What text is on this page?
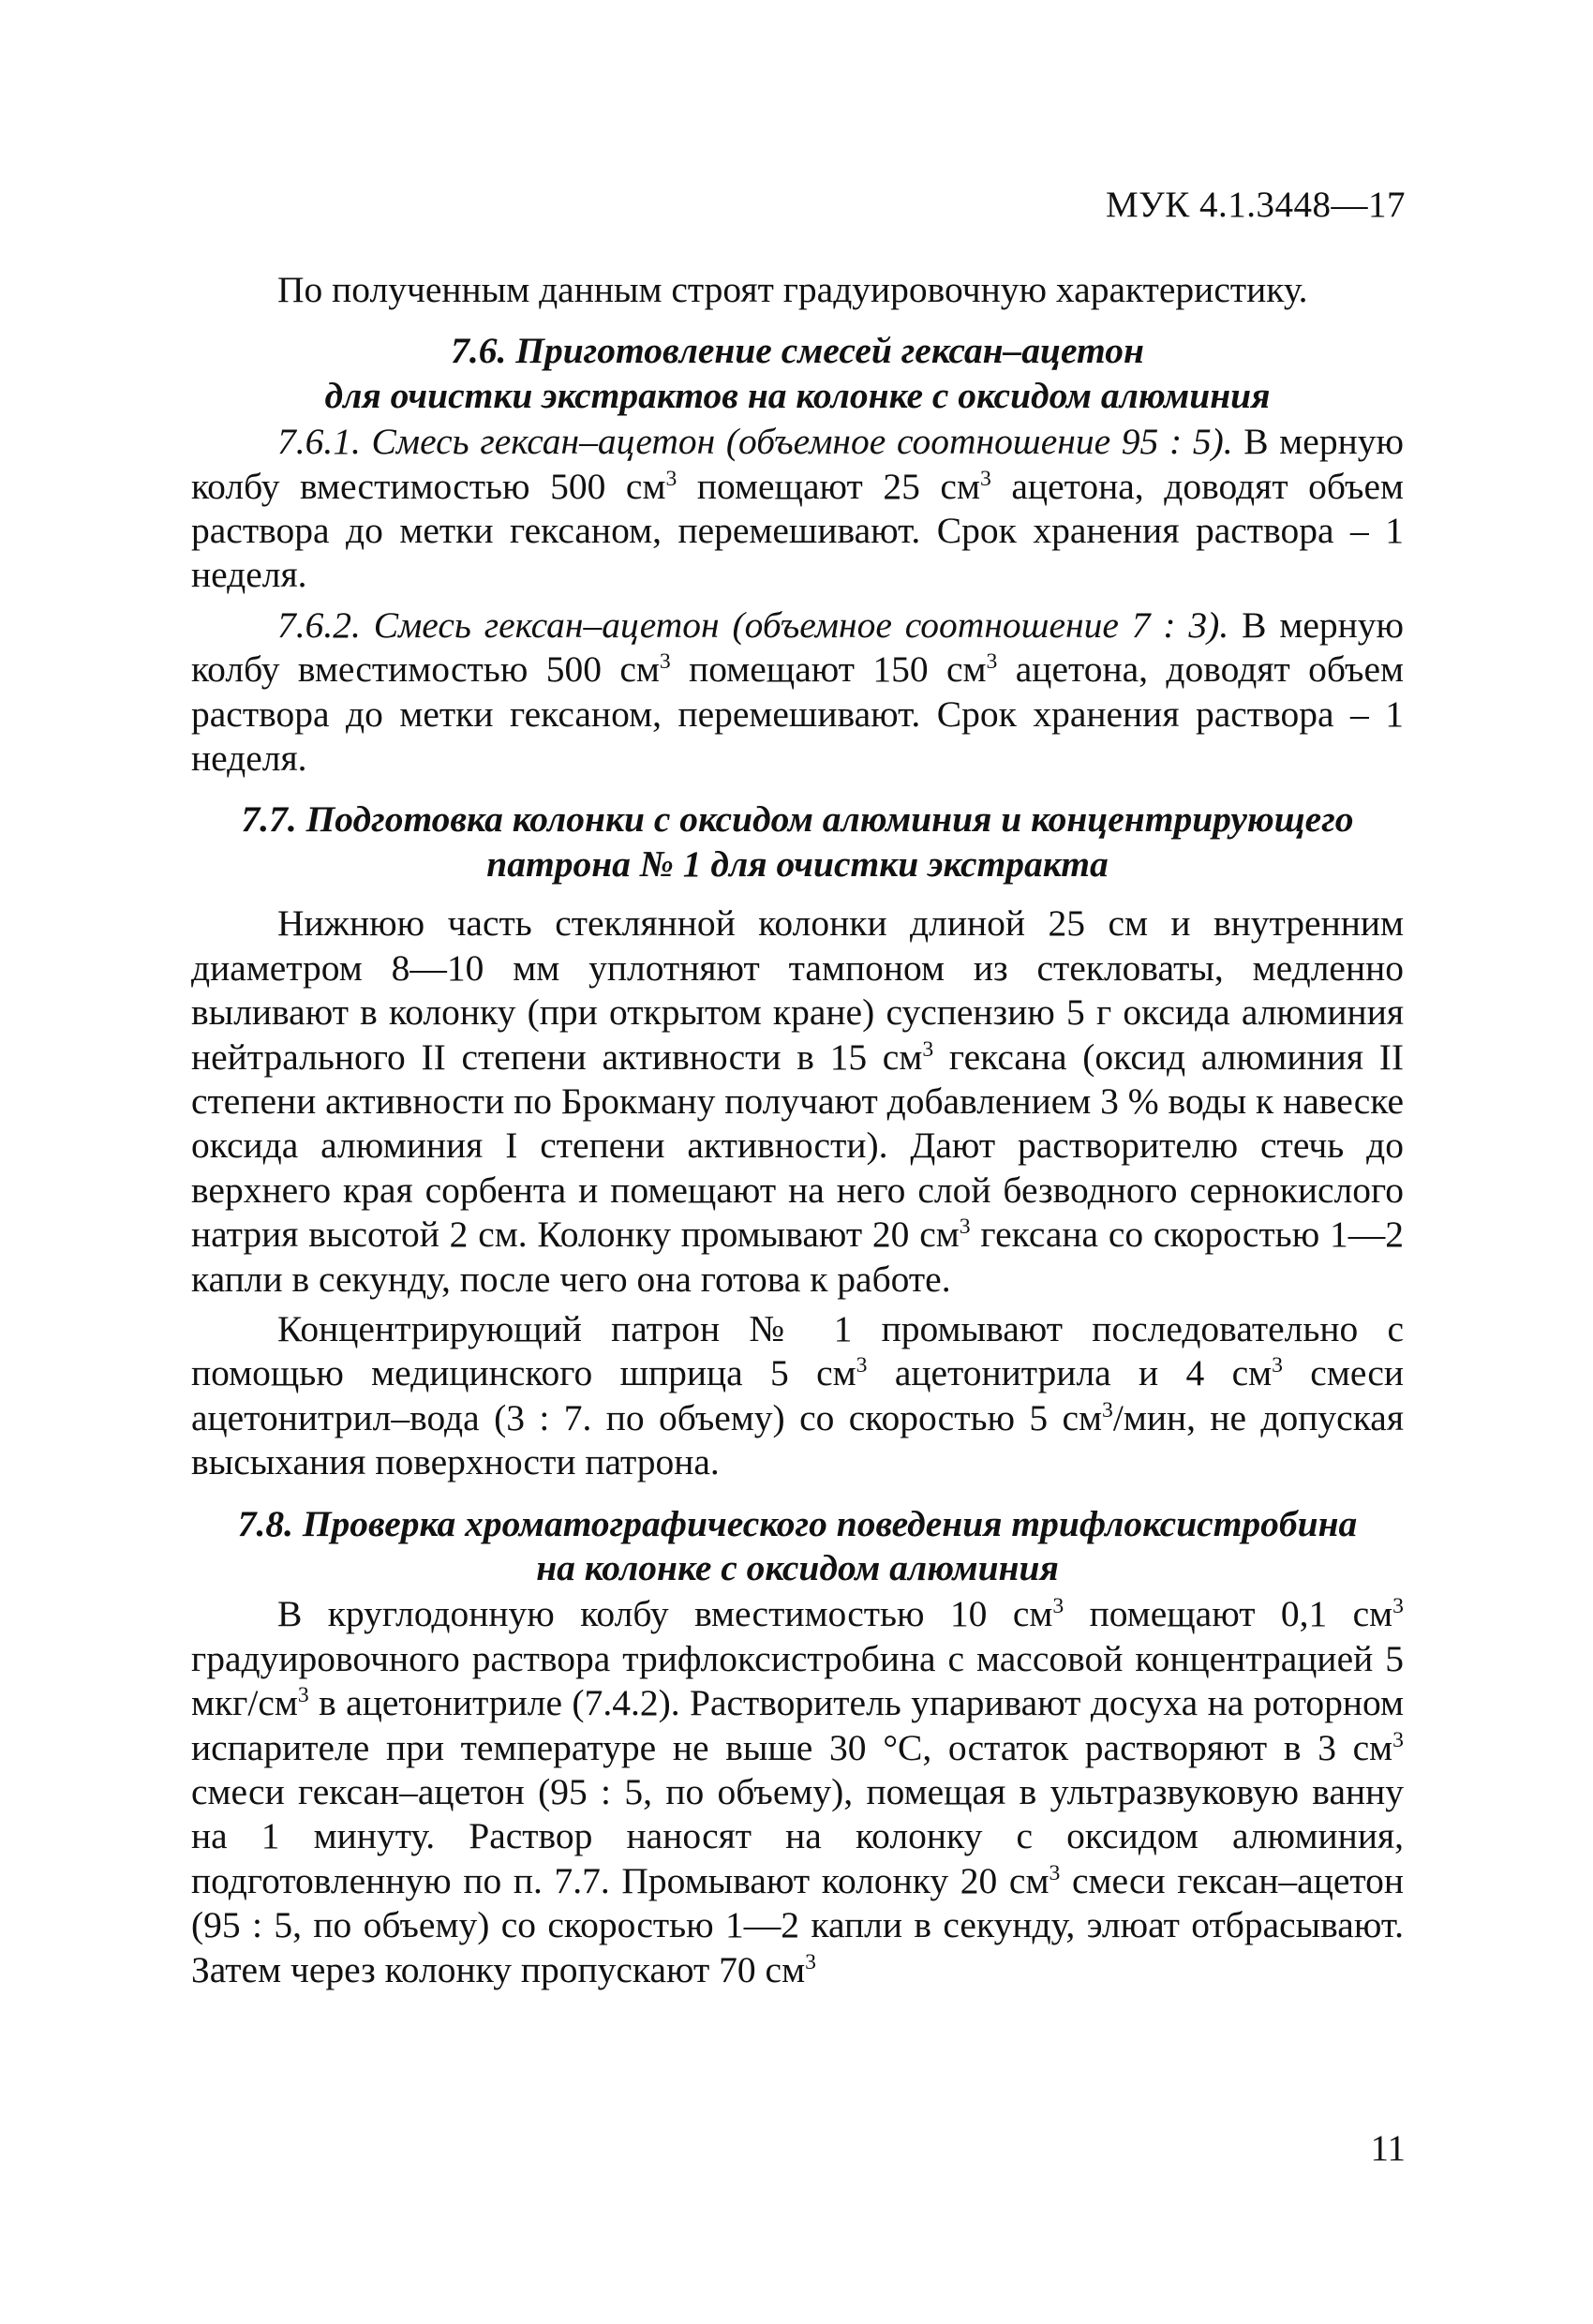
МУК 4.1.3448—17

По полученным данным строят градуировочную характеристику.

7.6. Приготовление смесей гексан–ацетон
для очистки экстрактов на колонке с оксидом алюминия

7.6.1. Смесь гексан–ацетон (объемное соотношение 95 : 5). В мерную колбу вместимостью 500 $см^3$ помещают 25 $см^3$ ацетона, доводят объем раствора до метки гексаном, перемешивают. Срок хранения раствора – 1 неделя.

7.6.2. Смесь гексан–ацетон (объемное соотношение 7 : 3). В мерную колбу вместимостью 500 $см^3$ помещают 150 $см^3$ ацетона, доводят объем раствора до метки гексаном, перемешивают. Срок хранения раствора – 1 неделя.

7.7. Подготовка колонки с оксидом алюминия и концентрирующего
патрона № 1 для очистки экстракта

Нижнюю часть стеклянной колонки длиной 25 см и внутренним диаметром 8—10 мм уплотняют тампоном из стекловаты, медленно выливают в колонку (при открытом кране) суспензию 5 г оксида алюминия нейтрального II степени активности в 15 $см^3$ гексана (оксид алюминия II степени активности по Брокману получают добавлением 3 % воды к навеске оксида алюминия I степени активности). Дают растворителю стечь до верхнего края сорбента и помещают на него слой безводного сернокислого натрия высотой 2 см. Колонку промывают 20 $см^3$ гексана со скоростью 1—2 капли в секунду, после чего она готова к работе.

Концентрирующий патрон № 1 промывают последовательно с помощью медицинского шприца 5 $см^3$ ацетонитрила и 4 $см^3$ смеси ацетонитрил–вода (3 : 7. по объему) со скоростью 5 $см^3$/мин, не допуская высыхания поверхности патрона.

7.8. Проверка хроматографического поведения трифлоксистробина
на колонке с оксидом алюминия

В круглодонную колбу вместимостью 10 $см^3$ помещают 0,1 $см^3$ градуировочного раствора трифлоксистробина с массовой концентрацией 5 мкг/$см^3$ в ацетонитриле (7.4.2). Растворитель упаривают досуха на роторном испарителе при температуре не выше 30 °С, остаток растворяют в 3 $см^3$ смеси гексан–ацетон (95 : 5, по объему), помещая в ультразвуковую ванну на 1 минуту. Раствор наносят на колонку с оксидом алюминия, подготовленную по п. 7.7. Промывают колонку 20 $см^3$ смеси гексан–ацетон (95 : 5, по объему) со скоростью 1—2 капли в секунду, элюат отбрасывают. Затем через колонку пропускают 70 $см^3$

11
